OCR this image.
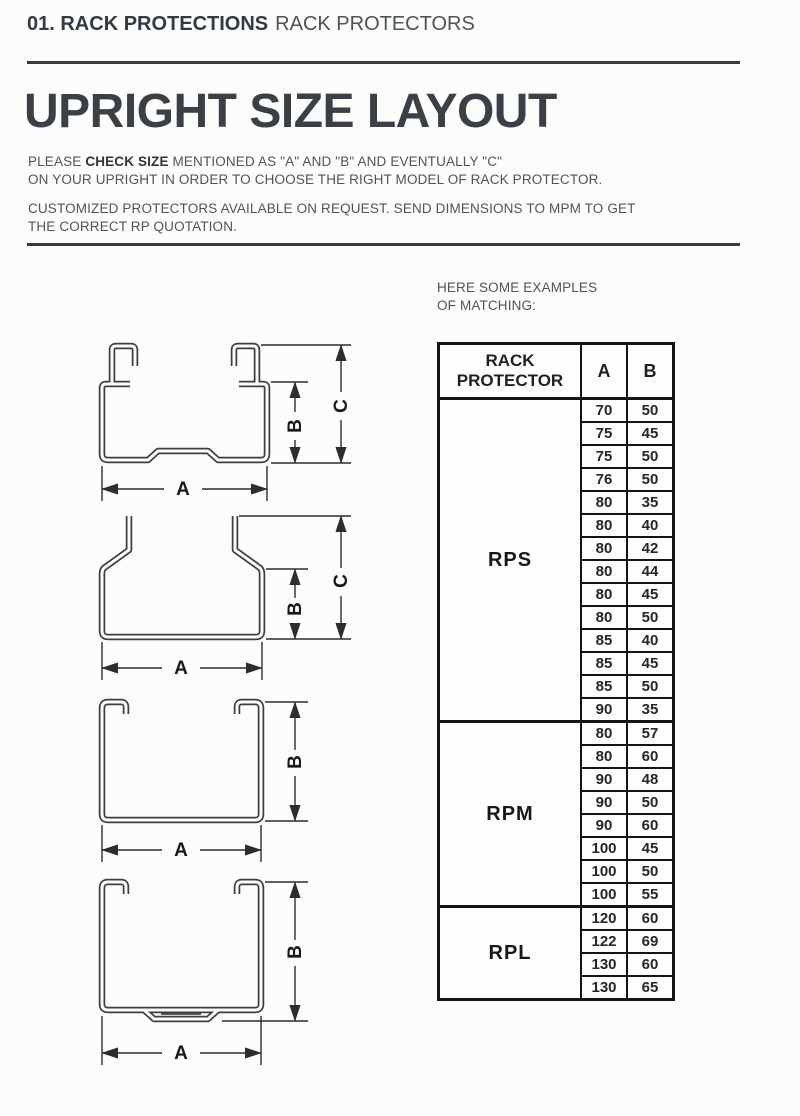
01. RACK PROTECTIONS RACK PROTECTORS
UPRIGHT SIZE LAYOUT

PLEASE CHECK SIZE MENTIONED AS "A" AND "B" AND EVENTUALLY "C"
ON YOUR UPRIGHT IN ORDER TO CHOOSE THE RIGHT MODEL OF RACK PROTECTOR.

CUSTOMIZED PROTECTORS AVAILABLE ON REQUEST. SEND DIMENSIONS TO MPM TO GET
THE CORRECT RP QUOTATION.

HERE SOME EXAMPLES
OF MATCHING:
A
B
C
A
B
C
A
B
A
B
RACK PROTECTOR	A	B
RPS	70	50
	75	45
	75	50
	76	50
	80	35
	80	40
	80	42
	80	44
	80	45
	80	50
	85	40
	85	45
	85	50
	90	35
RPM	80	57
	80	60
	90	48
	90	50
	90	60
	100	45
	100	50
	100	55
RPL	120	60
	122	69
	130	60
	130	65
